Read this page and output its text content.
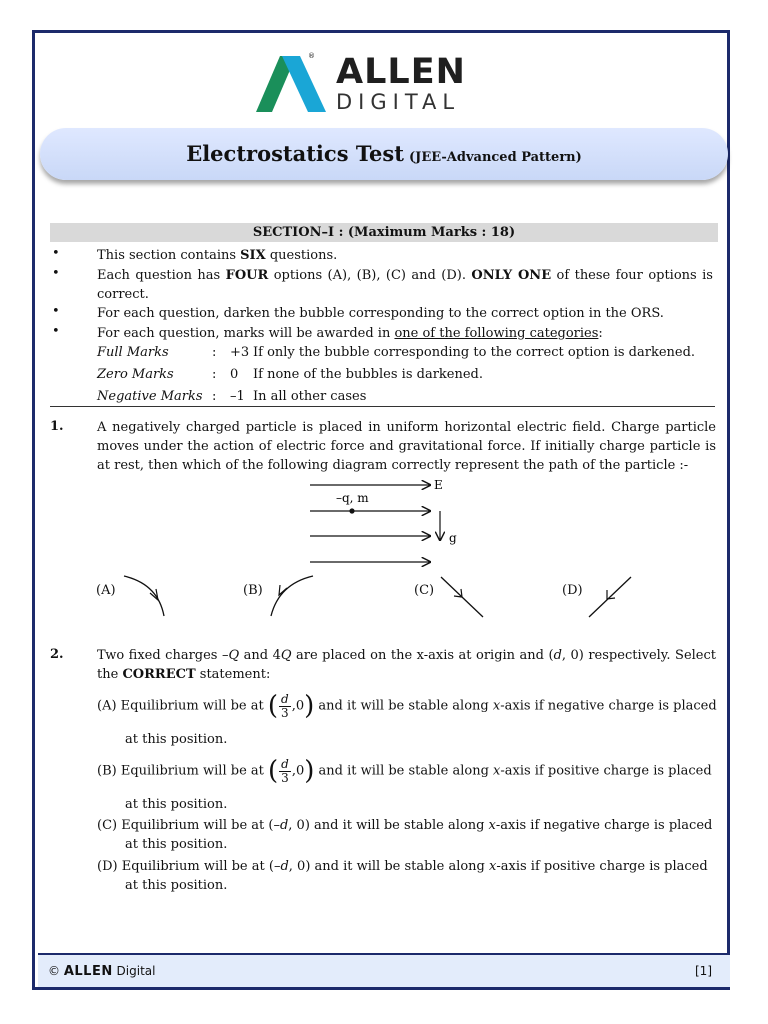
® ALLEN
DIGITAL
Electrostatics Test (JEE-Advanced Pattern)
SECTION–I : (Maximum Marks : 18)
•	This section contains SIX questions.
•	Each question has FOUR options (A), (B), (C) and (D). ONLY ONE of these four options is correct.
•	For each question, darken the bubble corresponding to the correct option in the ORS.
•	For each question, marks will be awarded in one of the following categories:
Full Marks	: +3 If only the bubble corresponding to the correct option is darkened.
Zero Marks	: 0 If none of the bubbles is darkened.
Negative Marks : –1 In all other cases
1.	A negatively charged particle is placed in uniform horizontal electric field. Charge particle moves under the action of electric force and gravitational force. If initially charge particle is at rest, then which of the following diagram correctly represent the path of the particle :-
E
–q, m
g
(A)	(B)	(C)	(D)
2.	Two fixed charges –Q and 4Q are placed on the x-axis at origin and (d, 0) respectively. Select the CORRECT statement:
(A) Equilibrium will be at ( $\frac{d}{3} ,0$) and it will be stable along x-axis if negative charge is placed
at this position.
(B) Equilibrium will be at ( $\frac{d}{3} ,0$) and it will be stable along x-axis if positive charge is placed
at this position.
(C) Equilibrium will be at (–d, 0) and it will be stable along x-axis if negative charge is placed
at this position.
(D) Equilibrium will be at (–d, 0) and it will be stable along x-axis if positive charge is placed
at this position.
© ALLEN Digital	[1]
